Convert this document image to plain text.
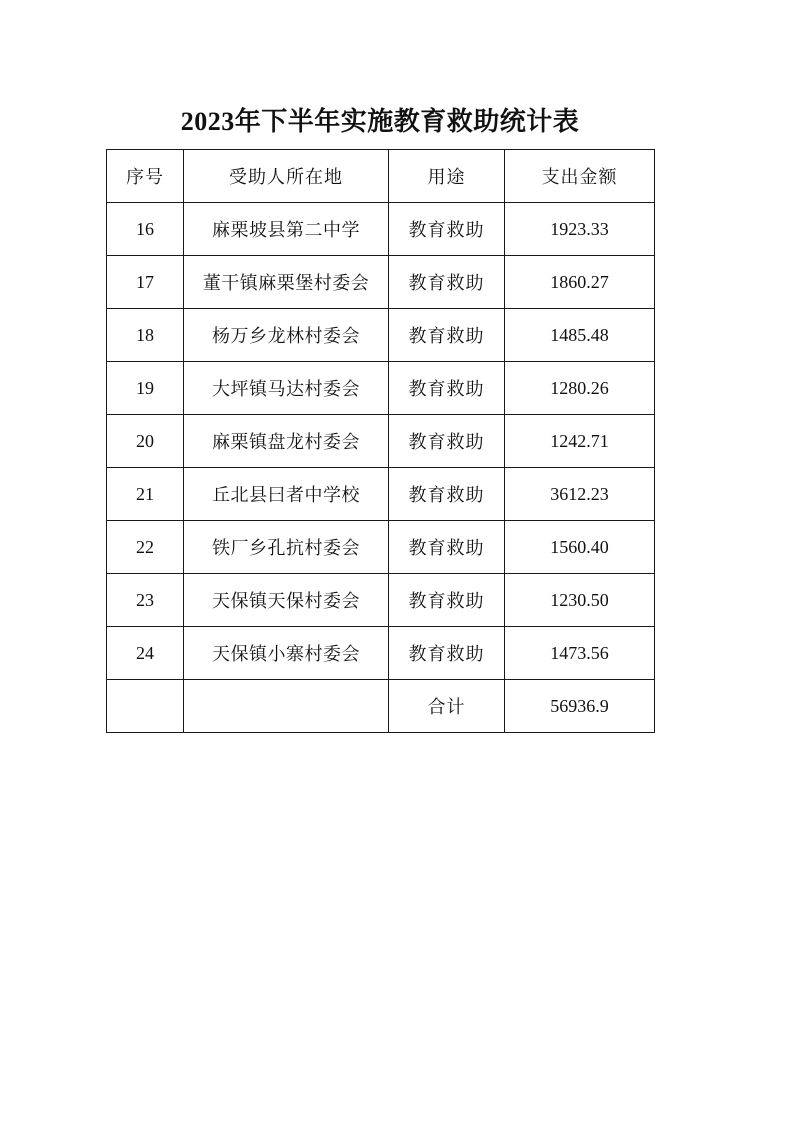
2023年下半年实施教育救助统计表
序号	受助人所在地	用途	支出金额
16	麻栗坡县第二中学	教育救助	1923.33
17	董干镇麻栗堡村委会	教育救助	1860.27
18	杨万乡龙林村委会	教育救助	1485.48
19	大坪镇马达村委会	教育救助	1280.26
20	麻栗镇盘龙村委会	教育救助	1242.71
21	丘北县曰者中学校	教育救助	3612.23
22	铁厂乡孔抗村委会	教育救助	1560.40
23	天保镇天保村委会	教育救助	1230.50
24	天保镇小寨村委会	教育救助	1473.56
		合计	56936.9
